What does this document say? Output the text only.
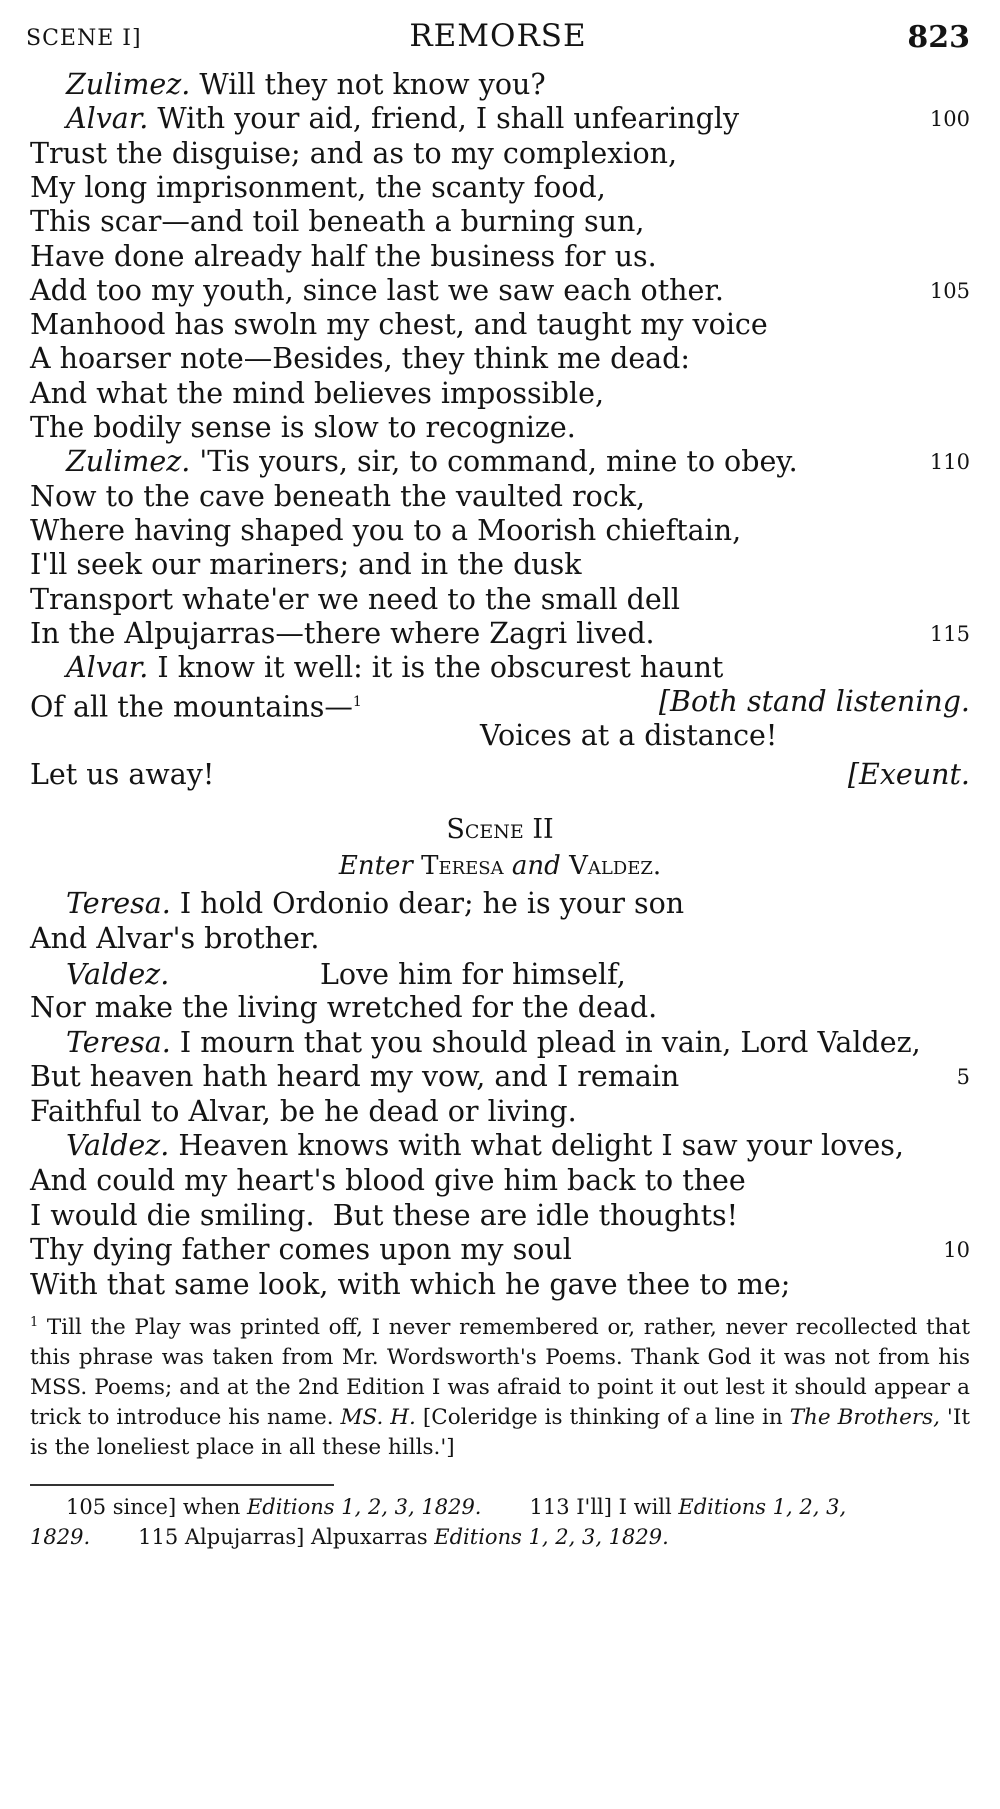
SCENE I]	REMORSE	823
Zulimez. Will they not know you?
Alvar. With your aid, friend, I shall unfearingly	100
Trust the disguise; and as to my complexion,
My long imprisonment, the scanty food,
This scar—and toil beneath a burning sun,
Have done already half the business for us.
Add too my youth, since last we saw each other.	105
Manhood has swoln my chest, and taught my voice
A hoarser note—Besides, they think me dead:
And what the mind believes impossible,
The bodily sense is slow to recognize.
Zulimez. 'Tis yours, sir, to command, mine to obey.	110
Now to the cave beneath the vaulted rock,
Where having shaped you to a Moorish chieftain,
I'll seek our mariners; and in the dusk
Transport whate'er we need to the small dell
In the Alpujarras—there where Zagri lived.	115
Alvar. I know it well: it is the obscurest haunt
Of all the mountains—$^1$	[Both stand listening.
Voices at a distance!
Let us away!	[Exeunt.
Scene II
Enter Teresa and Valdez.
Teresa. I hold Ordonio dear; he is your son
And Alvar's brother.
Valdez.	Love him for himself,
Nor make the living wretched for the dead.
Teresa. I mourn that you should plead in vain, Lord Valdez,
But heaven hath heard my vow, and I remain	5
Faithful to Alvar, be he dead or living.
Valdez. Heaven knows with what delight I saw your loves,
And could my heart's blood give him back to thee
I would die smiling.  But these are idle thoughts!
Thy dying father comes upon my soul	10
With that same look, with which he gave thee to me;
$^1$ Till the Play was printed off, I never remembered or, rather, never recollected that this phrase was taken from Mr. Wordsworth's Poems. Thank God it was not from his MSS. Poems; and at the 2nd Edition I was afraid to point it out lest it should appear a trick to introduce his name. MS. H. [Coleridge is thinking of a line in The Brothers, 'It is the loneliest place in all these hills.']
105 since] when Editions 1, 2, 3, 1829. 113 I'll] I will Editions 1, 2, 3,
1829. 115 Alpujarras] Alpuxarras Editions 1, 2, 3, 1829.
